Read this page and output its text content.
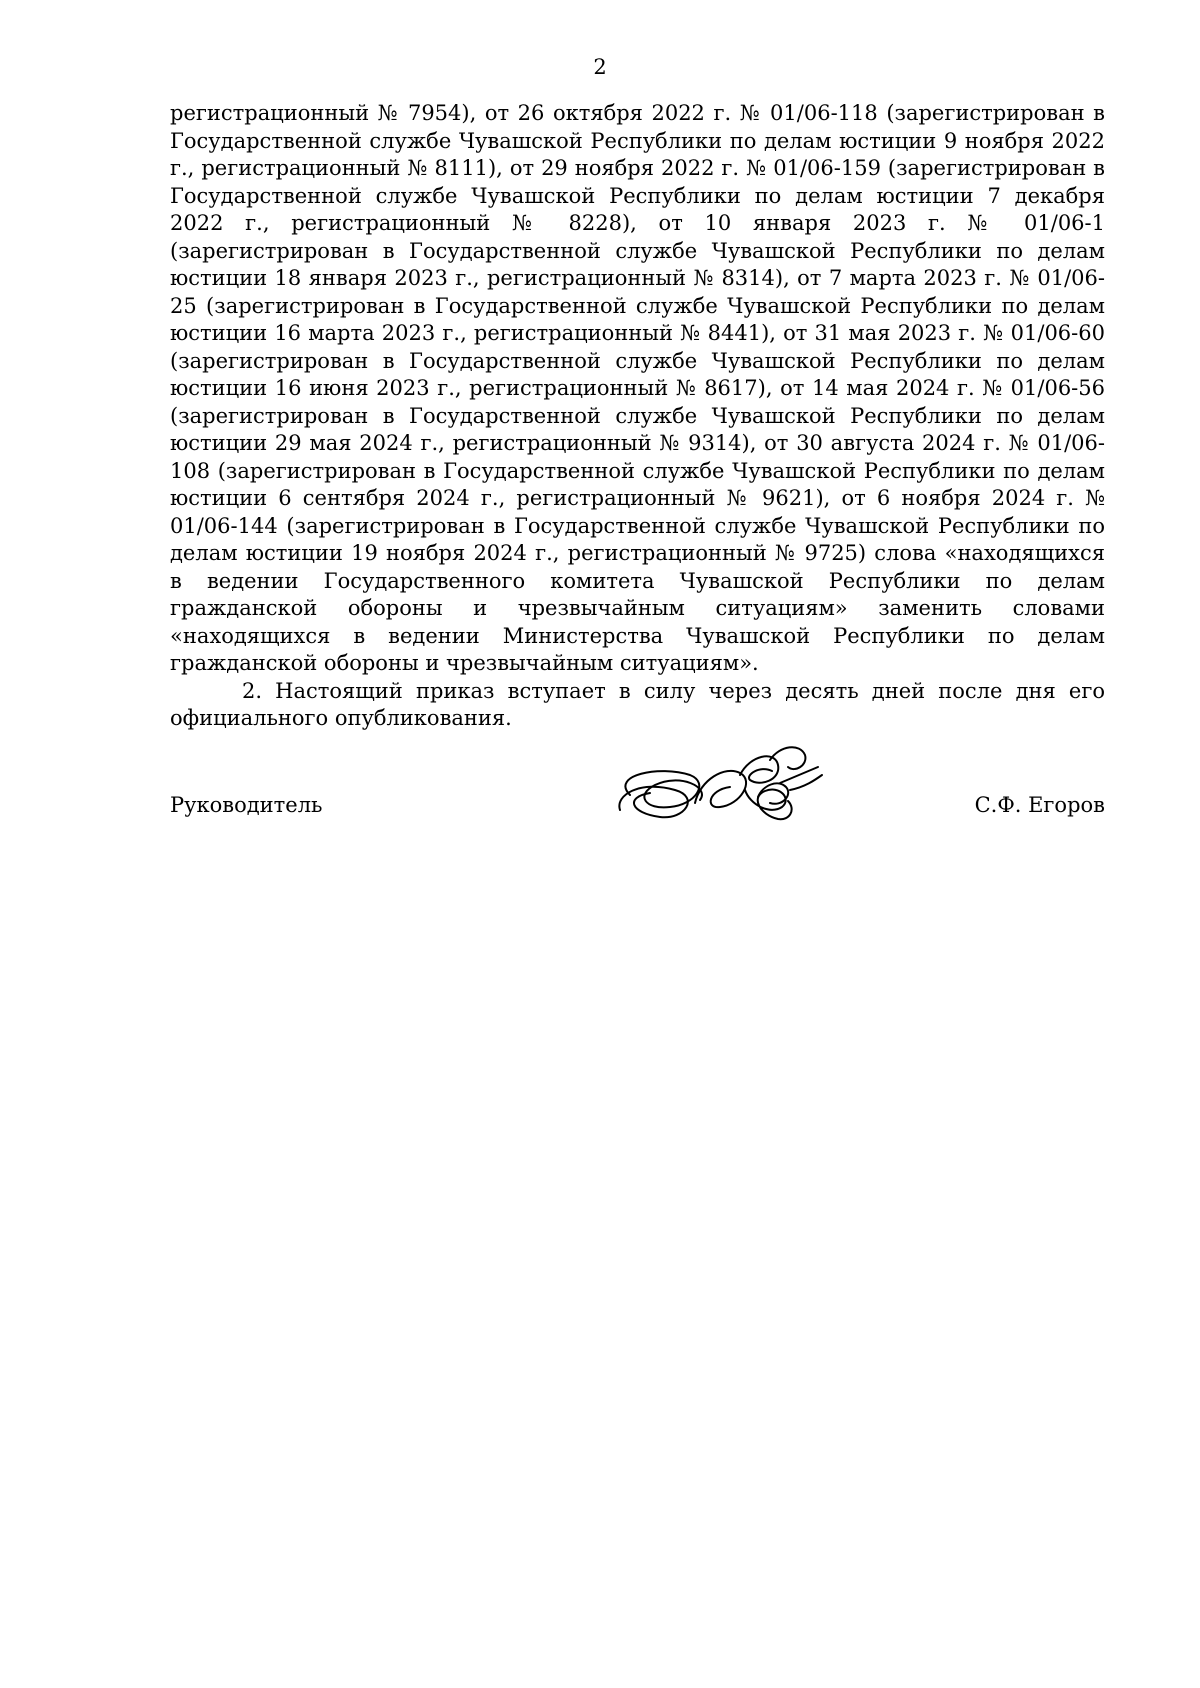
2

регистрационный № 7954), от 26 октября 2022 г. № 01/06-118 (зарегистрирован в Государственной службе Чувашской Республики по делам юстиции 9 ноября 2022 г., регистрационный № 8111), от 29 ноября 2022 г. № 01/06-159 (зарегистрирован в Государственной службе Чувашской Республики по делам юстиции 7 декабря 2022 г., регистрационный № 8228), от 10 января 2023 г. № 01/06-1 (зарегистрирован в Государственной службе Чувашской Республики по делам юстиции 18 января 2023 г., регистрационный № 8314), от 7 марта 2023 г. № 01/06-25 (зарегистрирован в Государственной службе Чувашской Республики по делам юстиции 16 марта 2023 г., регистрационный № 8441), от 31 мая 2023 г. № 01/06-60 (зарегистрирован в Государственной службе Чувашской Республики по делам юстиции 16 июня 2023 г., регистрационный № 8617), от 14 мая 2024 г. № 01/06-56 (зарегистрирован в Государственной службе Чувашской Республики по делам юстиции 29 мая 2024 г., регистрационный № 9314), от 30 августа 2024 г. № 01/06-108 (зарегистрирован в Государственной службе Чувашской Республики по делам юстиции 6 сентября 2024 г., регистрационный № 9621), от 6 ноября 2024 г. № 01/06-144 (зарегистрирован в Государственной службе Чувашской Республики по делам юстиции 19 ноября 2024 г., регистрационный № 9725) слова «находящихся в ведении Государственного комитета Чувашской Республики по делам гражданской обороны и чрезвычайным ситуациям» заменить словами «находящихся в ведении Министерства Чувашской Республики по делам гражданской обороны и чрезвычайным ситуациям».

2. Настоящий приказ вступает в силу через десять дней после дня его официального опубликования.

Руководитель	С.Ф. Егоров
